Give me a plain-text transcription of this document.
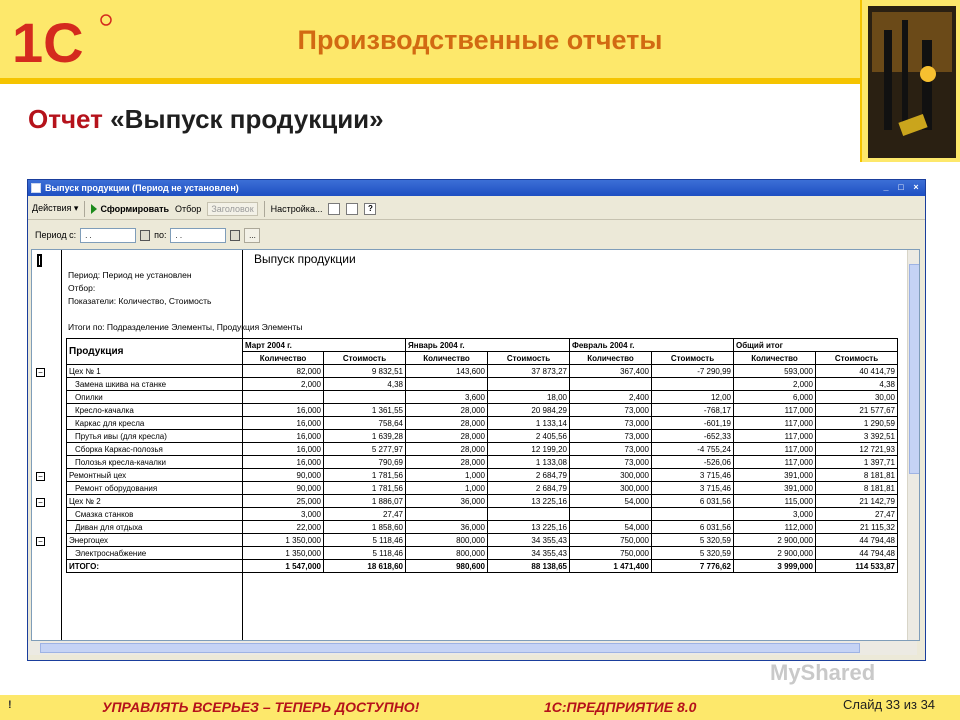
1С	Производственные отчеты
Отчет «Выпуск продукции»
Выпуск продукции (Период не установлен)	_	□	×
Действия ▾ Сформировать Отбор	Заголовок	Настройка...	?
Период с:	. .	по:	. .	...
Выпуск продукции
Период: Период не установлен
Отбор:
Показатели: Количество, Стоимость
Итоги по: Подразделение Элементы, Продукция Элементы
Продукция	Март 2004 г.		Январь 2004 г.		Февраль 2004 г.		Общий итог	
	Количество	Стоимость	Количество	Стоимость	Количество	Стоимость	Количество	Стоимость
Цех № 1	82,000	9 832,51	143,600	37 873,27	367,400	-7 290,99	593,000	40 414,79
Замена шкива на станке	2,000	4,38					2,000	4,38
Опилки			3,600	18,00	2,400	12,00	6,000	30,00
Кресло-качалка	16,000	1 361,55	28,000	20 984,29	73,000	-768,17	117,000	21 577,67
Каркас для кресла	16,000	758,64	28,000	1 133,14	73,000	-601,19	117,000	1 290,59
Прутья ивы (для кресла)	16,000	1 639,28	28,000	2 405,56	73,000	-652,33	117,000	3 392,51
Сборка Каркас-полозья	16,000	5 277,97	28,000	12 199,20	73,000	-4 755,24	117,000	12 721,93
Полозья кресла-качалки	16,000	790,69	28,000	1 133,08	73,000	-526,06	117,000	1 397,71
Ремонтный цех	90,000	1 781,56	1,000	2 684,79	300,000	3 715,46	391,000	8 181,81
Ремонт оборудования	90,000	1 781,56	1,000	2 684,79	300,000	3 715,46	391,000	8 181,81
Цех № 2	25,000	1 886,07	36,000	13 225,16	54,000	6 031,56	115,000	21 142,79
Смазка станков	3,000	27,47					3,000	27,47
Диван для отдыха	22,000	1 858,60	36,000	13 225,16	54,000	6 031,56	112,000	21 115,32
Энергоцех	1 350,000	5 118,46	800,000	34 355,43	750,000	5 320,59	2 900,000	44 794,48
Электроснабжение	1 350,000	5 118,46	800,000	34 355,43	750,000	5 320,59	2 900,000	44 794,48
ИТОГО:	1 547,000	18 618,60	980,600	88 138,65	1 471,400	7 776,62	3 999,000	114 533,87
−
−
−
−
MyShared
!	УПРАВЛЯТЬ ВСЕРЬЕЗ – ТЕПЕРЬ ДОСТУПНО!	1С:ПРЕДПРИЯТИЕ 8.0	Слайд 33 из 34
